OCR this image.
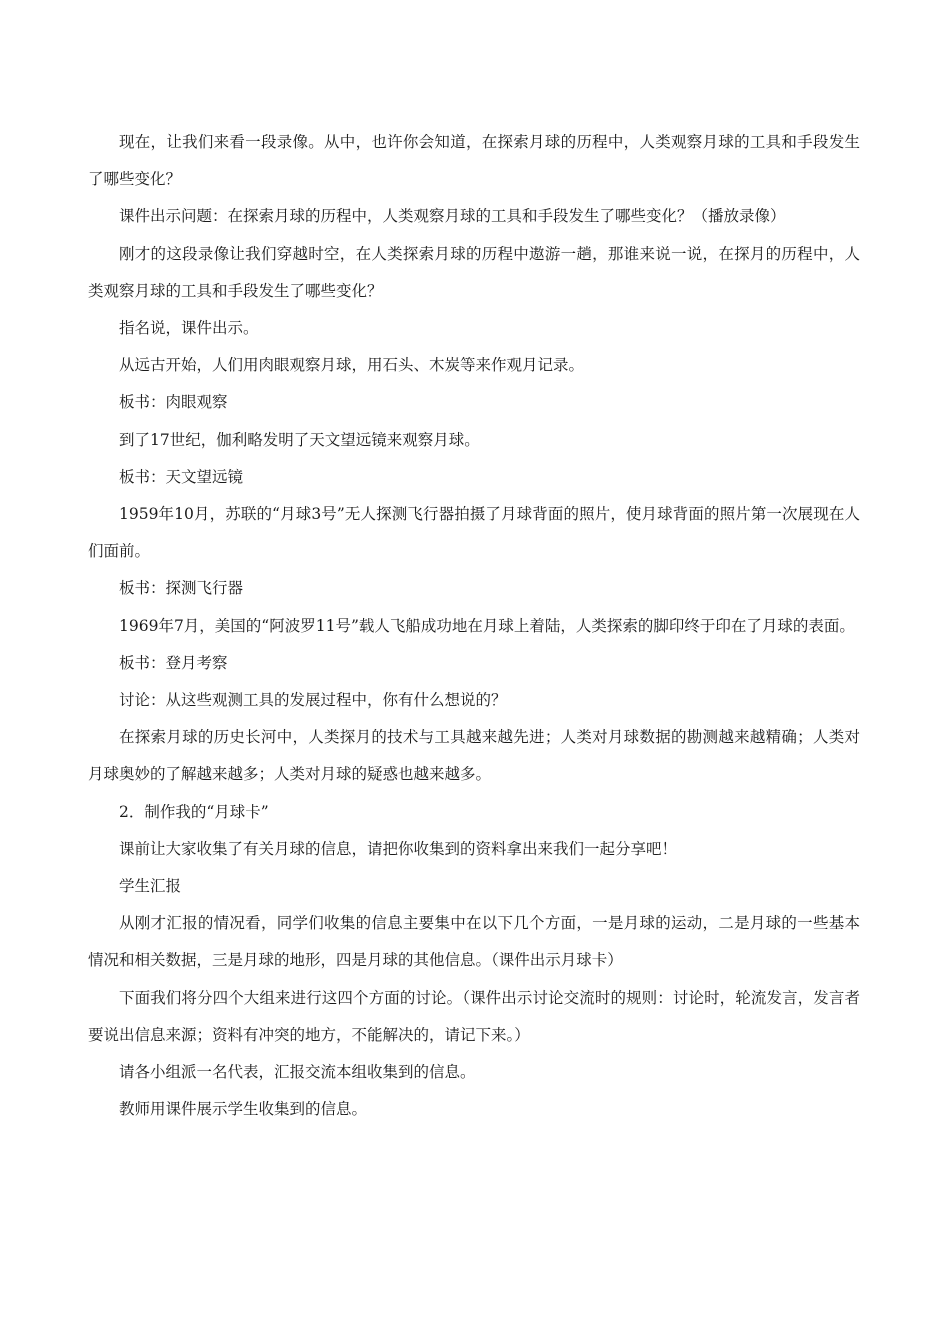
现在，让我们来看一段录像。从中，也许你会知道，在探索月球的历程中，人类观察月球的工具和手段发生了哪些变化？

课件出示问题：在探索月球的历程中，人类观察月球的工具和手段发生了哪些变化？（播放录像）

刚才的这段录像让我们穿越时空，在人类探索月球的历程中遨游一趟，那谁来说一说，在探月的历程中，人类观察月球的工具和手段发生了哪些变化？

指名说，课件出示。

从远古开始，人们用肉眼观察月球，用石头、木炭等来作观月记录。

板书：肉眼观察

到了17世纪，伽利略发明了天文望远镜来观察月球。

板书：天文望远镜

1959年10月，苏联的“月球3号”无人探测飞行器拍摄了月球背面的照片，使月球背面的照片第一次展现在人们面前。

板书：探测飞行器

1969年7月，美国的“阿波罗11号”载人飞船成功地在月球上着陆，人类探索的脚印终于印在了月球的表面。

板书：登月考察

讨论：从这些观测工具的发展过程中，你有什么想说的？

在探索月球的历史长河中，人类探月的技术与工具越来越先进；人类对月球数据的勘测越来越精确；人类对月球奥妙的了解越来越多；人类对月球的疑惑也越来越多。

2．制作我的“月球卡”

课前让大家收集了有关月球的信息，请把你收集到的资料拿出来我们一起分享吧！

学生汇报

从刚才汇报的情况看，同学们收集的信息主要集中在以下几个方面，一是月球的运动，二是月球的一些基本情况和相关数据，三是月球的地形，四是月球的其他信息。（课件出示月球卡）

下面我们将分四个大组来进行这四个方面的讨论。（课件出示讨论交流时的规则：讨论时，轮流发言，发言者要说出信息来源；资料有冲突的地方，不能解决的，请记下来。）

请各小组派一名代表，汇报交流本组收集到的信息。

教师用课件展示学生收集到的信息。
